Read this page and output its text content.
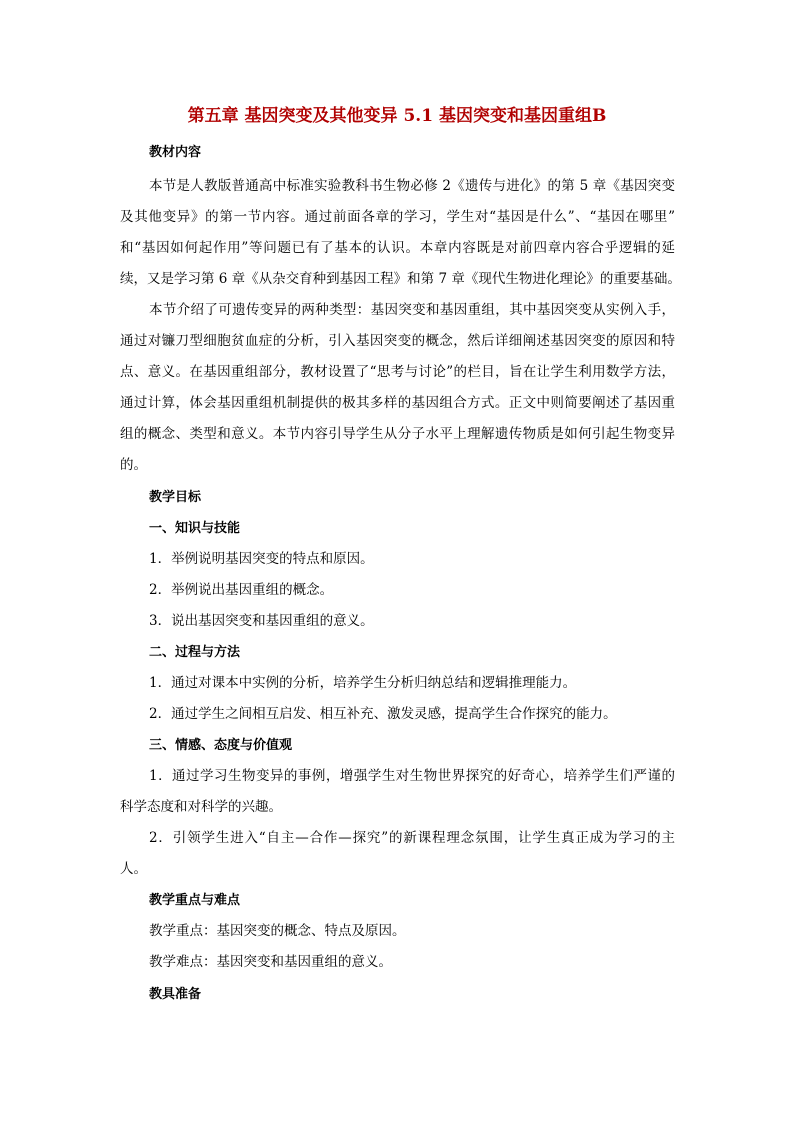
第五章 基因突变及其他变异 5.1 基因突变和基因重组B
教材内容
本节是人教版普通高中标准实验教科书生物必修 2《遗传与进化》的第 5 章《基因突变
及其他变异》的第一节内容。通过前面各章的学习，学生对“基因是什么”、“基因在哪里”
和“基因如何起作用”等问题已有了基本的认识。本章内容既是对前四章内容合乎逻辑的延
续，又是学习第 6 章《从杂交育种到基因工程》和第 7 章《现代生物进化理论》的重要基础。
本节介绍了可遗传变异的两种类型：基因突变和基因重组，其中基因突变从实例入手，
通过对镰刀型细胞贫血症的分析，引入基因突变的概念，然后详细阐述基因突变的原因和特
点、意义。在基因重组部分，教材设置了“思考与讨论”的栏目，旨在让学生利用数学方法，
通过计算，体会基因重组机制提供的极其多样的基因组合方式。正文中则简要阐述了基因重
组的概念、类型和意义。本节内容引导学生从分子水平上理解遗传物质是如何引起生物变异
的。
教学目标
一、知识与技能
1．举例说明基因突变的特点和原因。
2．举例说出基因重组的概念。
3．说出基因突变和基因重组的意义。
二、过程与方法
1．通过对课本中实例的分析，培养学生分析归纳总结和逻辑推理能力。
2．通过学生之间相互启发、相互补充、激发灵感，提高学生合作探究的能力。
三、情感、态度与价值观
1．通过学习生物变异的事例，增强学生对生物世界探究的好奇心，培养学生们严谨的
科学态度和对科学的兴趣。
2．引领学生进入“自主—合作—探究”的新课程理念氛围，让学生真正成为学习的主
人。
教学重点与难点
教学重点：基因突变的概念、特点及原因。
教学难点：基因突变和基因重组的意义。
教具准备
